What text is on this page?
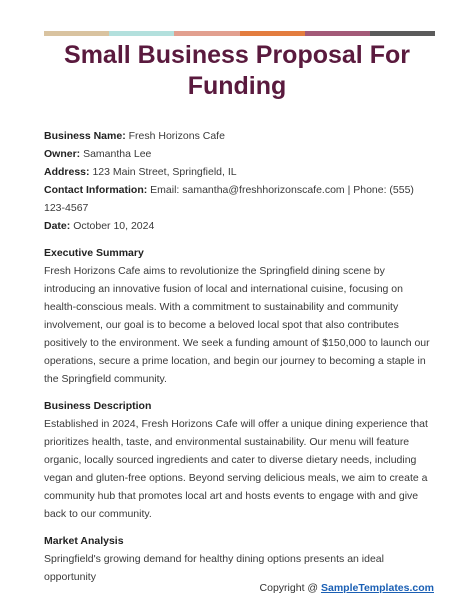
Small Business Proposal For Funding

Business Name: Fresh Horizons Cafe

Owner: Samantha Lee

Address: 123 Main Street, Springfield, IL

Contact Information: Email: samantha@freshhorizonscafe.com | Phone: (555) 123-4567

Date: October 10, 2024

Executive Summary

Fresh Horizons Cafe aims to revolutionize the Springfield dining scene by introducing an innovative fusion of local and international cuisine, focusing on health-conscious meals. With a commitment to sustainability and community involvement, our goal is to become a beloved local spot that also contributes positively to the environment. We seek a funding amount of $150,000 to launch our operations, secure a prime location, and begin our journey to becoming a staple in the Springfield community.

Business Description

Established in 2024, Fresh Horizons Cafe will offer a unique dining experience that prioritizes health, taste, and environmental sustainability. Our menu will feature organic, locally sourced ingredients and cater to diverse dietary needs, including vegan and gluten-free options. Beyond serving delicious meals, we aim to create a community hub that promotes local art and hosts events to engage with and give back to our community.

Market Analysis

Springfield's growing demand for healthy dining options presents an ideal opportunity

Copyright @ SampleTemplates.com
